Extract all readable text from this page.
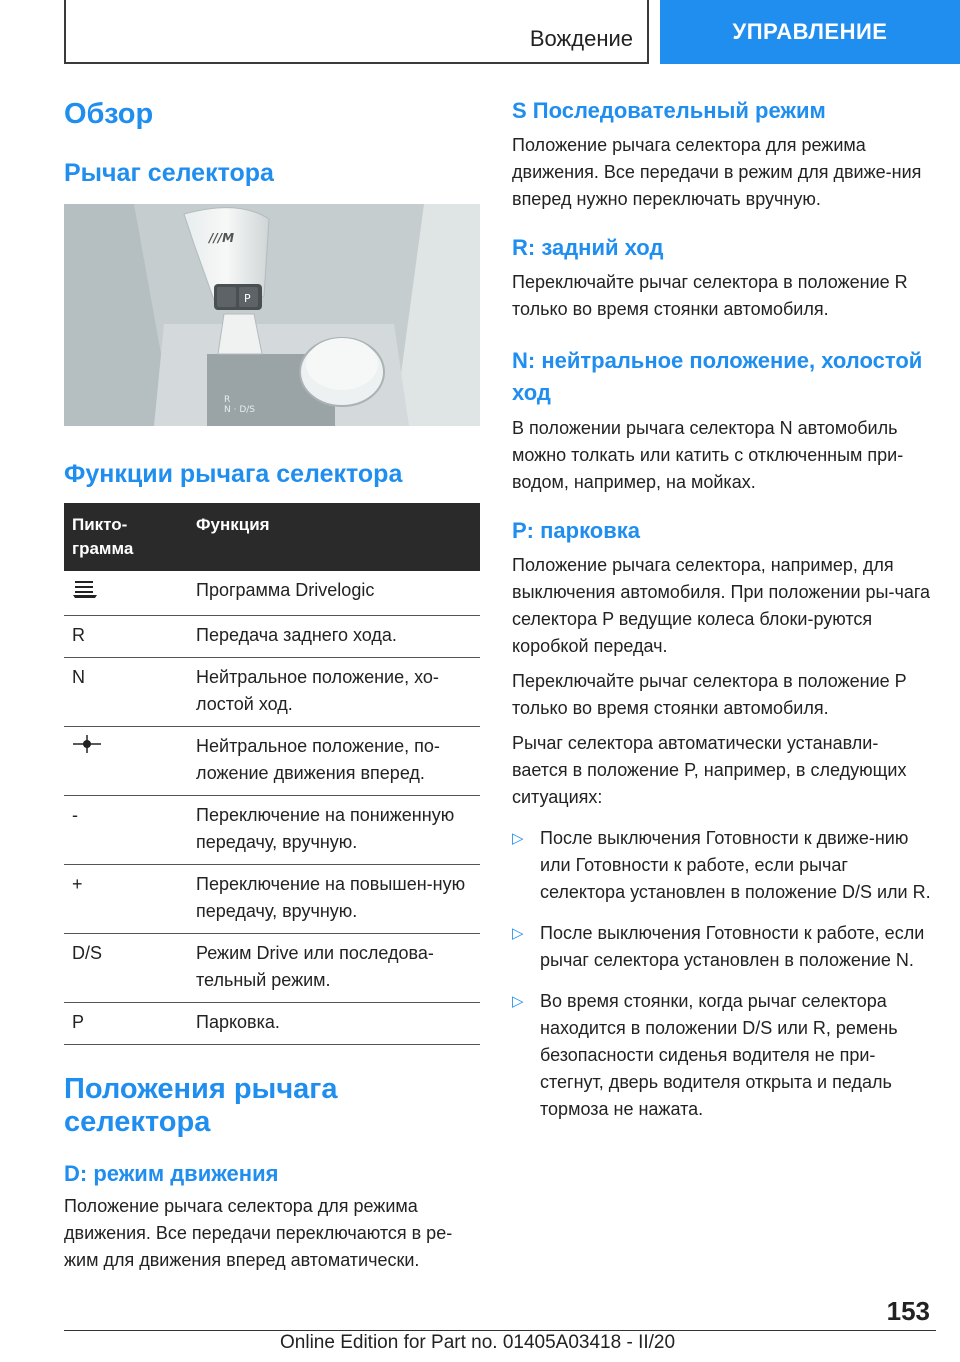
Вождение	УПРАВЛЕНИЕ
Обзор
Рычаг селектора
R
N · D/S
P
///M
Функции рычага селектора
Пикто-грамма	Функция
	Программа Drivelogic
R	Передача заднего хода.
N	Нейтральное положение, хо-лостой ход.
	Нейтральное положение, по-ложение движения вперед.
-	Переключение на пониженную передачу, вручную.
+	Переключение на повышен-ную передачу, вручную.
D/S	Режим Drive или последова-тельный режим.
P	Парковка.
Положения рычага селектора
D: режим движения

Положение рычага селектора для режима движения. Все передачи переключаются в ре-жим для движения вперед автоматически.

S Последовательный режим

Положение рычага селектора для режима движения. Все передачи в режим для движе-ния вперед нужно переключать вручную.

R: задний ход

Переключайте рычаг селектора в положение R только во время стоянки автомобиля.

N: нейтральное положение, холостой ход

В положении рычага селектора N автомобиль можно толкать или катить с отключенным при-водом, например, на мойках.

P: парковка

Положение рычага селектора, например, для выключения автомобиля. При положении ры-чага селектора P ведущие колеса блоки-руются коробкой передач.

Переключайте рычаг селектора в положение P только во время стоянки автомобиля.

Рычаг селектора автоматически устанавли-вается в положение P, например, в следующих ситуациях:

▷ После выключения Готовности к движе-нию или Готовности к работе, если рычаг селектора установлен в положение D/S или R.

▷ После выключения Готовности к работе, если рычаг селектора установлен в положение N.

▷ Во время стоянки, когда рычаг селектора находится в положении D/S или R, ремень безопасности сиденья водителя не при-стегнут, дверь водителя открыта и педаль тормоза не нажата.

153
Online Edition for Part no. 01405A03418 - II/20
